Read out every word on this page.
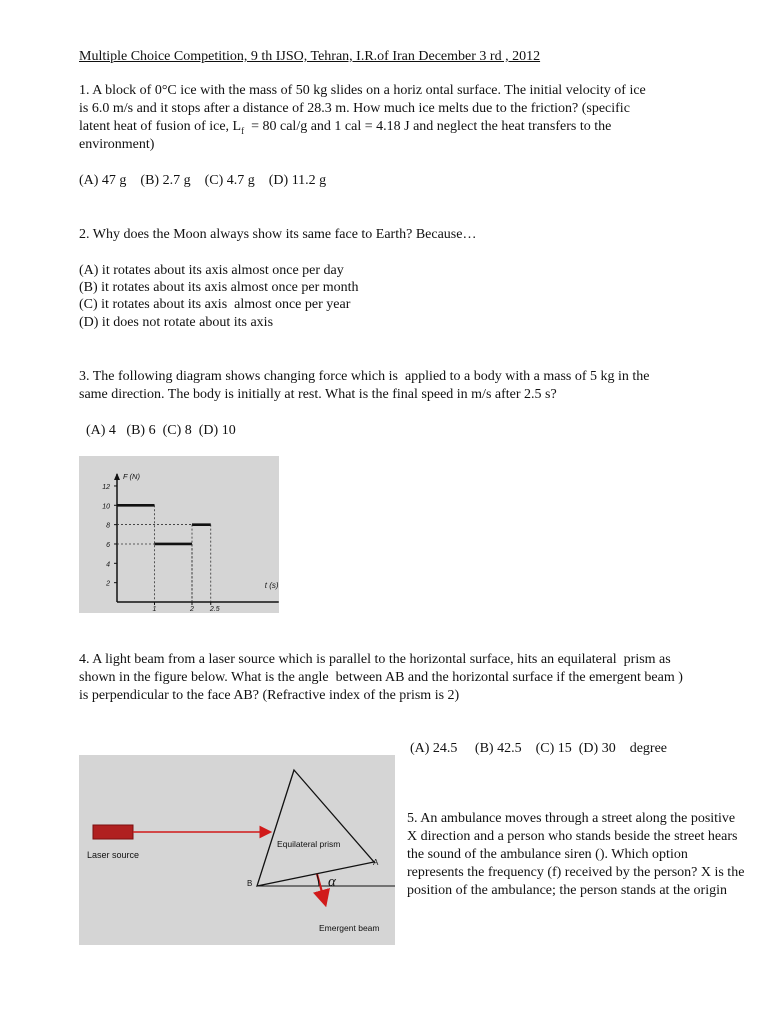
Multiple Choice Competition, 9 th IJSO, Tehran, I.R.of Iran December 3 rd , 2012
1. A block of 0°C ice with the mass of 50 kg slides on a horiz ontal surface. The initial velocity of ice
is 6.0 m/s and it stops after a distance of 28.3 m. How much ice melts due to the friction? (specific
latent heat of fusion of ice, $L_f = 80$ cal/g and 1 cal = 4.18 J and neglect the heat transfers to the
environment)
(A) 47 g    (B) 2.7 g    (C) 4.7 g    (D) 11.2 g
2. Why does the Moon always show its same face to Earth? Because…
(A) it rotates about its axis almost once per day
(B) it rotates about its axis almost once per month
(C) it rotates about its axis  almost once per year
(D) it does not rotate about its axis
3. The following diagram shows changing force which is  applied to a body with a mass of 5 kg in the
same direction. The body is initially at rest. What is the final speed in m/s after 2.5 s?
(A) 4   (B) 6  (C) 8  (D) 10
12
10
8
6
4
2
1	2 2.5
F (N)
t (s)
4. A light beam from a laser source which is parallel to the horizontal surface, hits an equilateral  prism as
shown in the figure below. What is the angle  between AB and the horizontal surface if the emergent beam )
is perpendicular to the face AB? (Refractive index of the prism is 2)
(A) 24.5     (B) 42.5    (C) 15  (D) 30    degree
Laser source
Equilateral prism
A
B	α
Emergent beam
5. An ambulance moves through a street along the positive X direction and a person who stands beside the street hears the sound of the ambulance siren (). Which option represents the frequency (f) received by the person? X is the position of the ambulance; the person stands at the origin
